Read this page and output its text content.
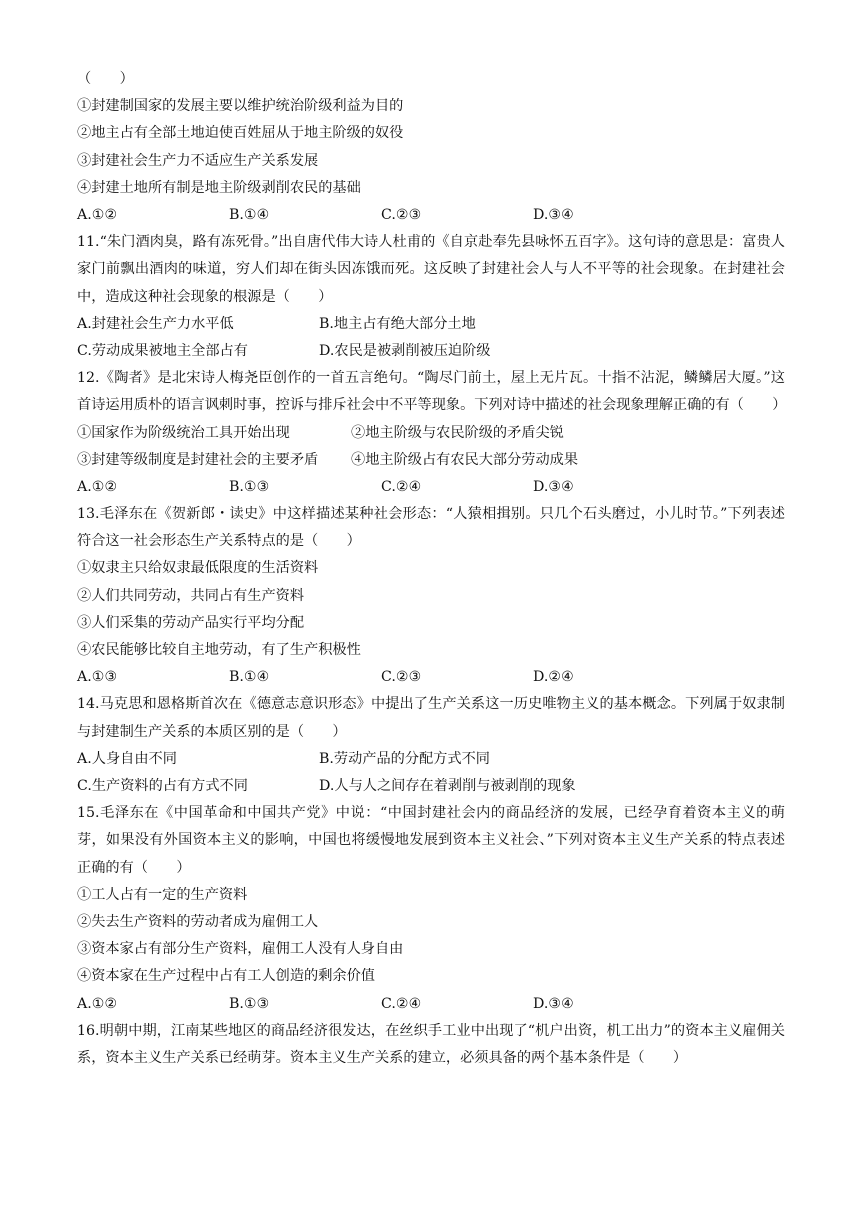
（　　）
①封建制国家的发展主要以维护统治阶级利益为目的
②地主占有全部土地迫使百姓屈从于地主阶级的奴役
③封建社会生产力不适应生产关系发展
④封建土地所有制是地主阶级剥削农民的基础
A.①②	B.①④	C.②③	D.③④
11.“朱门酒肉臭，路有冻死骨。”出自唐代伟大诗人杜甫的《自京赴奉先县咏怀五百字》。这句诗的意思是：富贵人家门前飘出酒肉的味道，穷人们却在街头因冻饿而死。这反映了封建社会人与人不平等的社会现象。在封建社会中，造成这种社会现象的根源是（　　）
A.封建社会生产力水平低	B.地主占有绝大部分土地
C.劳动成果被地主全部占有	D.农民是被剥削被压迫阶级
12.《陶者》是北宋诗人梅尧臣创作的一首五言绝句。“陶尽门前土，屋上无片瓦。十指不沾泥，鳞鳞居大厦。”这首诗运用质朴的语言讽刺时事，控诉与排斥社会中不平等现象。下列对诗中描述的社会现象理解正确的有（　　）
①国家作为阶级统治工具开始出现	②地主阶级与农民阶级的矛盾尖锐
③封建等级制度是封建社会的主要矛盾	④地主阶级占有农民大部分劳动成果
A.①②	B.①③	C.②④	D.③④
13.毛泽东在《贺新郎・读史》中这样描述某种社会形态：“人猿相揖别。只几个石头磨过，小儿时节。”下列表述符合这一社会形态生产关系特点的是（　　）
①奴隶主只给奴隶最低限度的生活资料
②人们共同劳动，共同占有生产资料
③人们采集的劳动产品实行平均分配
④农民能够比较自主地劳动，有了生产积极性
A.①③	B.①④	C.②③	D.②④
14.马克思和恩格斯首次在《德意志意识形态》中提出了生产关系这一历史唯物主义的基本概念。下列属于奴隶制与封建制生产关系的本质区别的是（　　）
A.人身自由不同	B.劳动产品的分配方式不同
C.生产资料的占有方式不同	D.人与人之间存在着剥削与被剥削的现象
15.毛泽东在《中国革命和中国共产党》中说：“中国封建社会内的商品经济的发展，已经孕育着资本主义的萌芽，如果没有外国资本主义的影响，中国也将缓慢地发展到资本主义社会、”下列对资本主义生产关系的特点表述正确的有（　　）
①工人占有一定的生产资料
②失去生产资料的劳动者成为雇佣工人
③资本家占有部分生产资料，雇佣工人没有人身自由
④资本家在生产过程中占有工人创造的剩余价值
A.①②	B.①③	C.②④	D.③④
16.明朝中期，江南某些地区的商品经济很发达，在丝织手工业中出现了“机户出资，机工出力”的资本主义雇佣关系，资本主义生产关系已经萌芽。资本主义生产关系的建立，必须具备的两个基本条件是（　　）
